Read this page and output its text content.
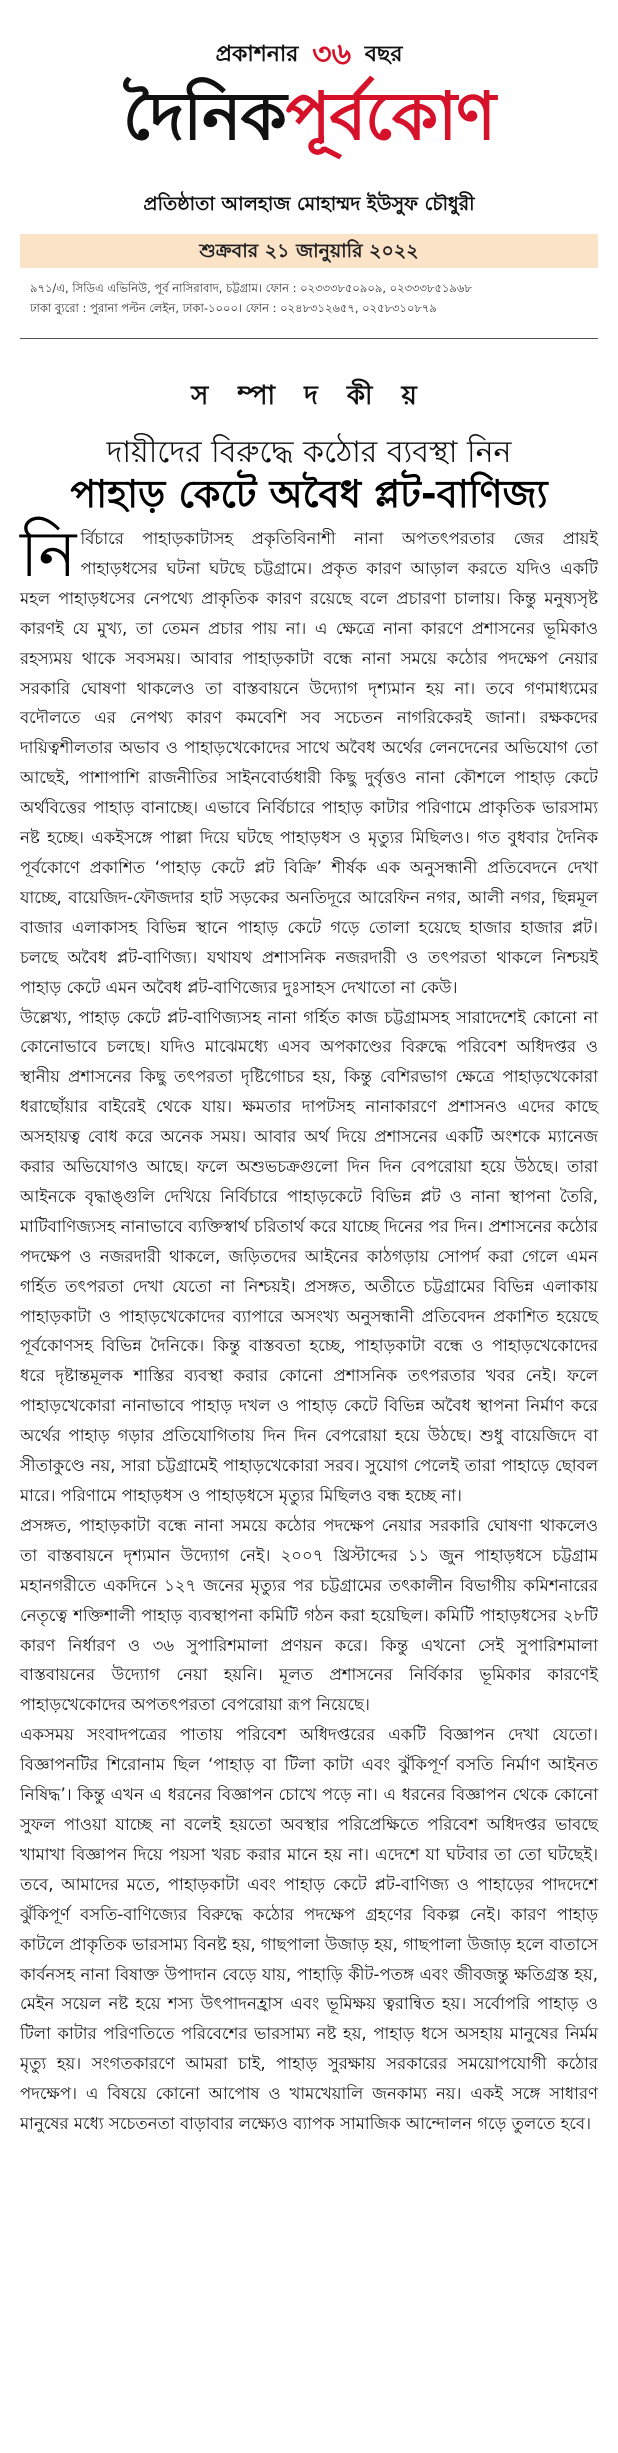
প্রকাশনার ৩৬ বছর
দৈনিকপূর্বকোণ
প্রতিষ্ঠাতা আলহাজ মোহাম্মদ ইউসুফ চৌধুরী
শুক্রবার ২১ জানুয়ারি ২০২২
৯৭১/এ, সিডিএ এভিনিউ, পূর্ব নাসিরাবাদ, চট্টগ্রাম। ফোন : ০২৩৩৩৮৫০৯০৯, ০২৩৩৩৮৫১৯৬৮
ঢাকা ব্যুরো : পুরানা পল্টন লেইন, ঢাকা-১০০০। ফোন : ০২৪৮৩১২৬৫৭, ০২৫৮৩১০৮৭৯
স ম্পা দ কী য়
দায়ীদের বিরুদ্ধে কঠোর ব্যবস্থা নিন
পাহাড় কেটে অবৈধ প্লট-বাণিজ্য

নির্বিচারে পাহাড়কাটাসহ প্রকৃতিবিনাশী নানা অপতৎপরতার জের প্রায়ই পাহাড়ধসের ঘটনা ঘটছে চট্টগ্রামে। প্রকৃত কারণ আড়াল করতে যদিও একটি মহল পাহাড়ধসের নেপথ্যে প্রাকৃতিক কারণ রয়েছে বলে প্রচারণা চালায়। কিন্তু মনুষ্যসৃষ্ট কারণই যে মুখ্য, তা তেমন প্রচার পায় না। এ ক্ষেত্রে নানা কারণে প্রশাসনের ভূমিকাও রহস্যময় থাকে সবসময়। আবার পাহাড়কাটা বন্ধে নানা সময়ে কঠোর পদক্ষেপ নেয়ার সরকারি ঘোষণা থাকলেও তা বাস্তবায়নে উদ্যোগ দৃশ্যমান হয় না। তবে গণমাধ্যমের বদৌলতে এর নেপথ্য কারণ কমবেশি সব সচেতন নাগরিকেরই জানা। রক্ষকদের দায়িত্বশীলতার অভাব ও পাহাড়খেকোদের সাথে অবৈধ অর্থের লেনদেনের অভিযোগ তো আছেই, পাশাপাশি রাজনীতির সাইনবোর্ডধারী কিছু দুর্বৃত্তও নানা কৌশলে পাহাড় কেটে অর্থবিত্তের পাহাড় বানাচ্ছে। এভাবে নির্বিচারে পাহাড় কাটার পরিণামে প্রাকৃতিক ভারসাম্য নষ্ট হচ্ছে। একইসঙ্গে পাল্লা দিয়ে ঘটছে পাহাড়ধস ও মৃত্যুর মিছিলও। গত বুধবার দৈনিক পূর্বকোণে প্রকাশিত ‘পাহাড় কেটে প্লট বিক্রি’ শীর্ষক এক অনুসন্ধানী প্রতিবেদনে দেখা যাচ্ছে, বায়েজিদ-ফৌজদার হাট সড়কের অনতিদূরে আরেফিন নগর, আলী নগর, ছিন্নমূল বাজার এলাকাসহ বিভিন্ন স্থানে পাহাড় কেটে গড়ে তোলা হয়েছে হাজার হাজার প্লট। চলছে অবৈধ প্লট-বাণিজ্য। যথাযথ প্রশাসনিক নজরদারী ও তৎপরতা থাকলে নিশ্চয়ই পাহাড় কেটে এমন অবৈধ প্লট-বাণিজ্যের দুঃসাহস দেখাতো না কেউ।

উল্লেখ্য, পাহাড় কেটে প্লট-বাণিজ্যসহ নানা গর্হিত কাজ চট্টগ্রামসহ সারাদেশেই কোনো না কোনোভাবে চলছে। যদিও মাঝেমধ্যে এসব অপকাণ্ডের বিরুদ্ধে পরিবেশ অধিদপ্তর ও স্থানীয় প্রশাসনের কিছু তৎপরতা দৃষ্টিগোচর হয়, কিন্তু বেশিরভাগ ক্ষেত্রে পাহাড়খেকোরা ধরাছোঁয়ার বাইরেই থেকে যায়। ক্ষমতার দাপটসহ নানাকারণে প্রশাসনও এদের কাছে অসহায়ত্ব বোধ করে অনেক সময়। আবার অর্থ দিয়ে প্রশাসনের একটি অংশকে ম্যানেজ করার অভিযোগও আছে। ফলে অশুভচক্রগুলো দিন দিন বেপরোয়া হয়ে উঠছে। তারা আইনকে বৃদ্ধাঙ্গুলি দেখিয়ে নির্বিচারে পাহাড়কেটে বিভিন্ন প্লট ও নানা স্থাপনা তৈরি, মাটিবাণিজ্যসহ নানাভাবে ব্যক্তিস্বার্থ চরিতার্থ করে যাচ্ছে দিনের পর দিন। প্রশাসনের কঠোর পদক্ষেপ ও নজরদারী থাকলে, জড়িতদের আইনের কাঠগড়ায় সোপর্দ করা গেলে এমন গর্হিত তৎপরতা দেখা যেতো না নিশ্চয়ই। প্রসঙ্গত, অতীতে চট্টগ্রামের বিভিন্ন এলাকায় পাহাড়কাটা ও পাহাড়খেকোদের ব্যাপারে অসংখ্য অনুসন্ধানী প্রতিবেদন প্রকাশিত হয়েছে পূর্বকোণসহ বিভিন্ন দৈনিকে। কিন্তু বাস্তবতা হচ্ছে, পাহাড়কাটা বন্ধে ও পাহাড়খেকোদের ধরে দৃষ্টান্তমূলক শাস্তির ব্যবস্থা করার কোনো প্রশাসনিক তৎপরতার খবর নেই। ফলে পাহাড়খেকোরা নানাভাবে পাহাড় দখল ও পাহাড় কেটে বিভিন্ন অবৈধ স্থাপনা নির্মাণ করে অর্থের পাহাড় গড়ার প্রতিযোগিতায় দিন দিন বেপরোয়া হয়ে উঠছে। শুধু বায়েজিদে বা সীতাকুণ্ডে নয়, সারা চট্টগ্রামেই পাহাড়খেকোরা সরব। সুযোগ পেলেই তারা পাহাড়ে ছোবল মারে। পরিণামে পাহাড়ধস ও পাহাড়ধসে মৃত্যুর মিছিলও বন্ধ হচ্ছে না।

প্রসঙ্গত, পাহাড়কাটা বন্ধে নানা সময়ে কঠোর পদক্ষেপ নেয়ার সরকারি ঘোষণা থাকলেও তা বাস্তবায়নে দৃশ্যমান উদ্যোগ নেই। ২০০৭ খ্রিস্টাব্দের ১১ জুন পাহাড়ধসে চট্টগ্রাম মহানগরীতে একদিনে ১২৭ জনের মৃত্যুর পর চট্টগ্রামের তৎকালীন বিভাগীয় কমিশনারের নেতৃত্বে শক্তিশালী পাহাড় ব্যবস্থাপনা কমিটি গঠন করা হয়েছিল। কমিটি পাহাড়ধসের ২৮টি কারণ নির্ধারণ ও ৩৬ সুপারিশমালা প্রণয়ন করে। কিন্তু এখনো সেই সুপারিশমালা বাস্তবায়নের উদ্যোগ নেয়া হয়নি। মূলত প্রশাসনের নির্বিকার ভূমিকার কারণেই পাহাড়খেকোদের অপতৎপরতা বেপরোয়া রূপ নিয়েছে।

একসময় সংবাদপত্রের পাতায় পরিবেশ অধিদপ্তরের একটি বিজ্ঞাপন দেখা যেতো। বিজ্ঞাপনটির শিরোনাম ছিল ‘পাহাড় বা টিলা কাটা এবং ঝুঁকিপূর্ণ বসতি নির্মাণ আইনত নিষিদ্ধ’। কিন্তু এখন এ ধরনের বিজ্ঞাপন চোখে পড়ে না। এ ধরনের বিজ্ঞাপন থেকে কোনো সুফল পাওয়া যাচ্ছে না বলেই হয়তো অবস্থার পরিপ্রেক্ষিতে পরিবেশ অধিদপ্তর ভাবছে খামাখা বিজ্ঞাপন দিয়ে পয়সা খরচ করার মানে হয় না। এদেশে যা ঘটবার তা তো ঘটছেই। তবে, আমাদের মতে, পাহাড়কাটা এবং পাহাড় কেটে প্লট-বাণিজ্য ও পাহাড়ের পাদদেশে ঝুঁকিপূর্ণ বসতি-বাণিজ্যের বিরুদ্ধে কঠোর পদক্ষেপ গ্রহণের বিকল্প নেই। কারণ পাহাড় কাটলে প্রাকৃতিক ভারসাম্য বিনষ্ট হয়, গাছপালা উজাড় হয়, গাছপালা উজাড় হলে বাতাসে কার্বনসহ নানা বিষাক্ত উপাদান বেড়ে যায়, পাহাড়ি কীট-পতঙ্গ এবং জীবজন্তু ক্ষতিগ্রস্ত হয়, মেইন সয়েল নষ্ট হয়ে শস্য উৎপাদনহ্রাস এবং ভূমিক্ষয় ত্বরান্বিত হয়। সর্বোপরি পাহাড় ও টিলা কাটার পরিণতিতে পরিবেশের ভারসাম্য নষ্ট হয়, পাহাড় ধসে অসহায় মানুষের নির্মম মৃত্যু হয়। সংগতকারণে আমরা চাই, পাহাড় সুরক্ষায় সরকারের সময়োপযোগী কঠোর পদক্ষেপ। এ বিষয়ে কোনো আপোষ ও খামখেয়ালি জনকাম্য নয়। একই সঙ্গে সাধারণ মানুষের মধ্যে সচেতনতা বাড়াবার লক্ষ্যেও ব্যাপক সামাজিক আন্দোলন গড়ে তুলতে হবে।
